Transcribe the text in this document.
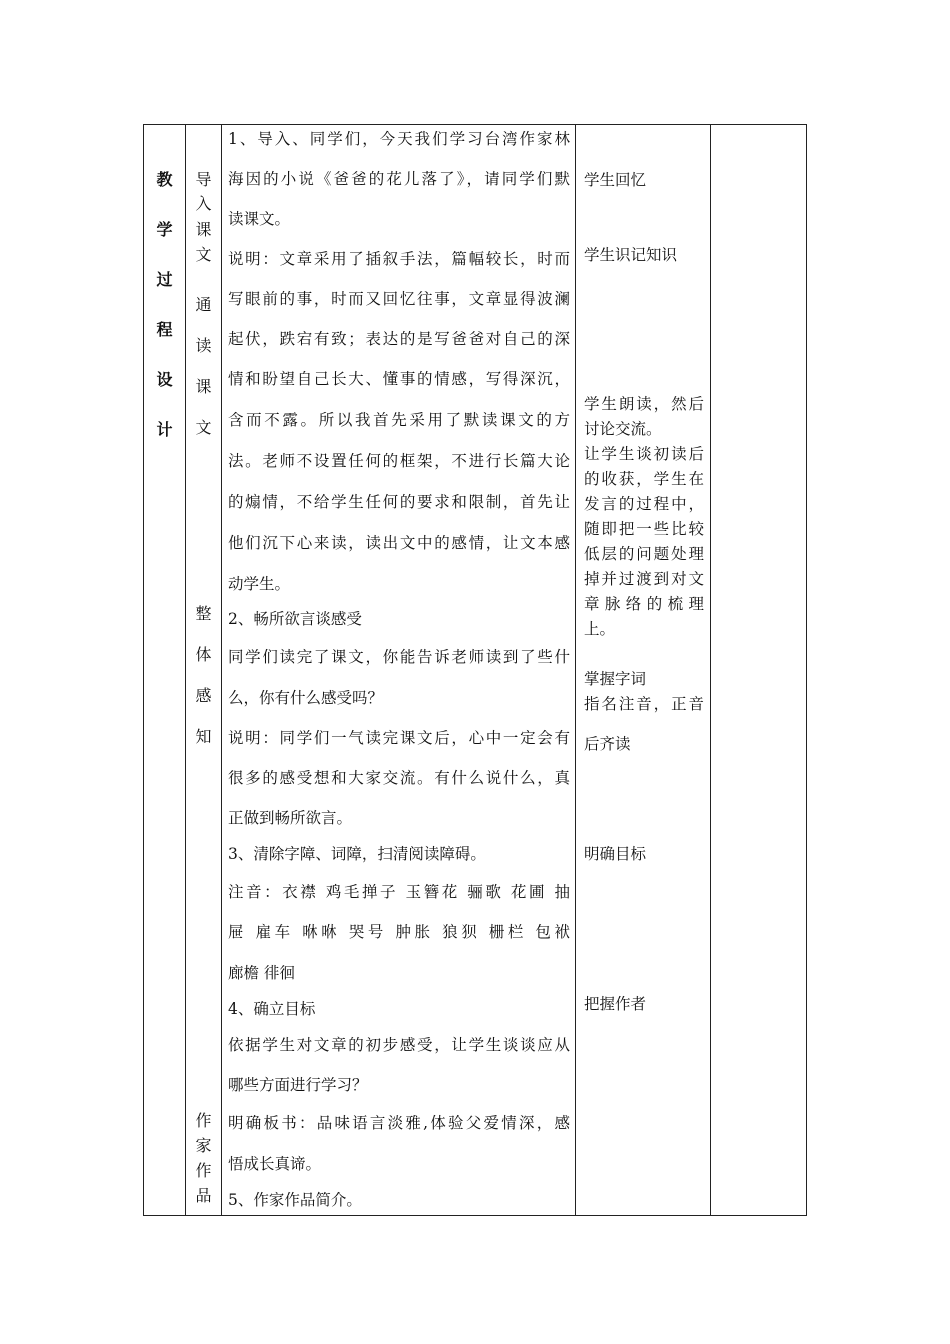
教
学
过
程
设
计
导
入
课
文
通
读
课
文
整
体
感
知
作
家
作
品
1、导入、同学们，今天我们学习台湾作家林
海因的小说《爸爸的花儿落了》，请同学们默
读课文。
说明：文章采用了插叙手法，篇幅较长，时而
写眼前的事，时而又回忆往事，文章显得波澜
起伏，跌宕有致；表达的是写爸爸对自己的深
情和盼望自己长大、懂事的情感，写得深沉，
含而不露。所以我首先采用了默读课文的方
法。老师不设置任何的框架，不进行长篇大论
的煽情，不给学生任何的要求和限制，首先让
他们沉下心来读，读出文中的感情，让文本感
动学生。
2、畅所欲言谈感受
同学们读完了课文，你能告诉老师读到了些什
么，你有什么感受吗？
说明：同学们一气读完课文后，心中一定会有
很多的感受想和大家交流。有什么说什么，真
正做到畅所欲言。
3、清除字障、词障，扫清阅读障碍。
注音：衣襟 鸡毛掸子 玉簪花 骊歌 花圃 抽
屉 雇车 咻咻 哭号 肿胀 狼狈 栅栏 包袱
廊檐 徘徊
4、确立目标
依据学生对文章的初步感受，让学生谈谈应从
哪些方面进行学习？
明确板书：品味语言淡雅,体验父爱情深，感
悟成长真谛。
5、作家作品简介。
学生回忆
学生识记知识
学生朗读，然后
讨论交流。
让学生谈初读后
的收获，学生在
发言的过程中，
随即把一些比较
低层的问题处理
掉并过渡到对文
章脉络的梳理
上。
掌握字词
指名注音，正音
后齐读
明确目标
把握作者
